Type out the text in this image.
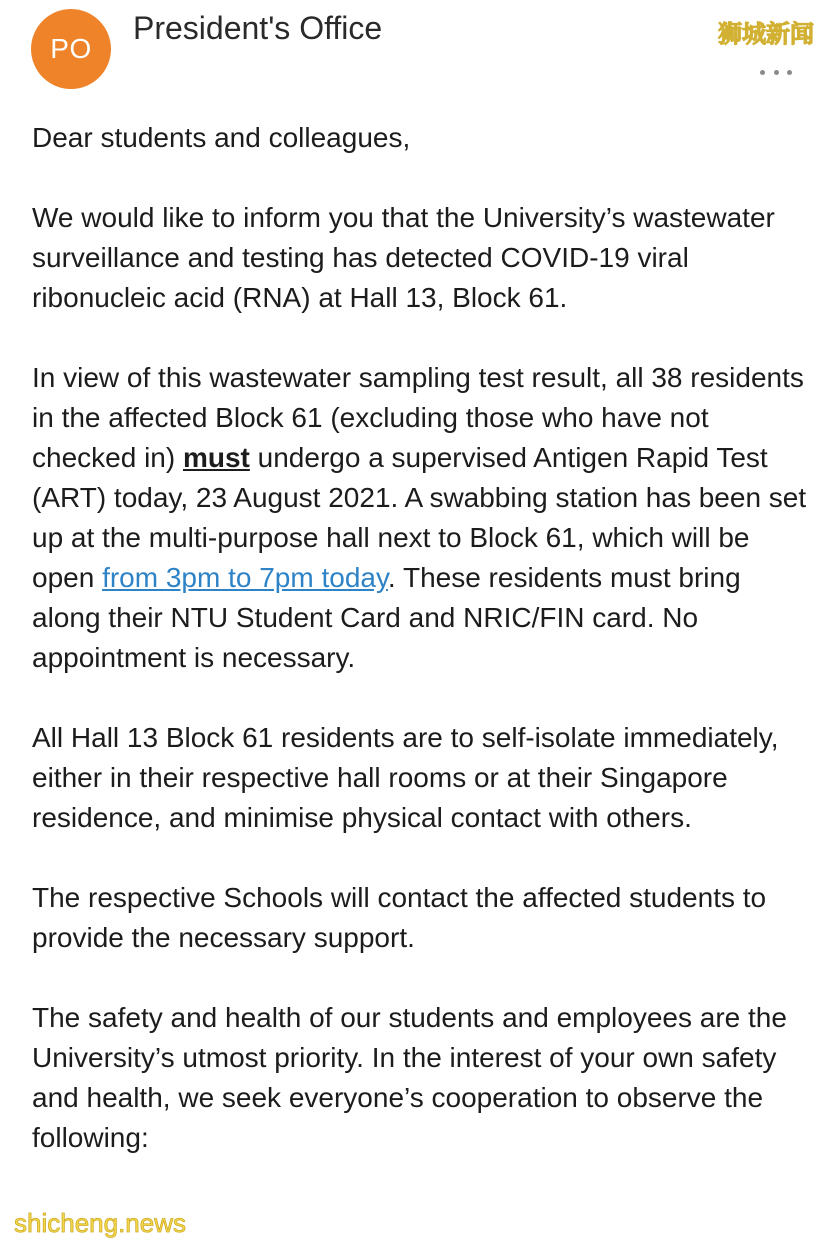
PO
President's Office	狮城新闻

Dear students and colleagues,

We would like to inform you that the University’s wastewater surveillance and testing has detected COVID-19 viral ribonucleic acid (RNA) at Hall 13, Block 61.

In view of this wastewater sampling test result, all 38 residents in the affected Block 61 (excluding those who have not checked in) must undergo a supervised Antigen Rapid Test (ART) today, 23 August 2021. A swabbing station has been set up at the multi-purpose hall next to Block 61, which will be open from 3pm to 7pm today. These residents must bring along their NTU Student Card and NRIC/FIN card. No appointment is necessary.

All Hall 13 Block 61 residents are to self-isolate immediately, either in their respective hall rooms or at their Singapore residence, and minimise physical contact with others.

The respective Schools will contact the affected students to provide the necessary support.

The safety and health of our students and employees are the University’s utmost priority. In the interest of your own safety and health, we seek everyone’s cooperation to observe the following:

shicheng.news
